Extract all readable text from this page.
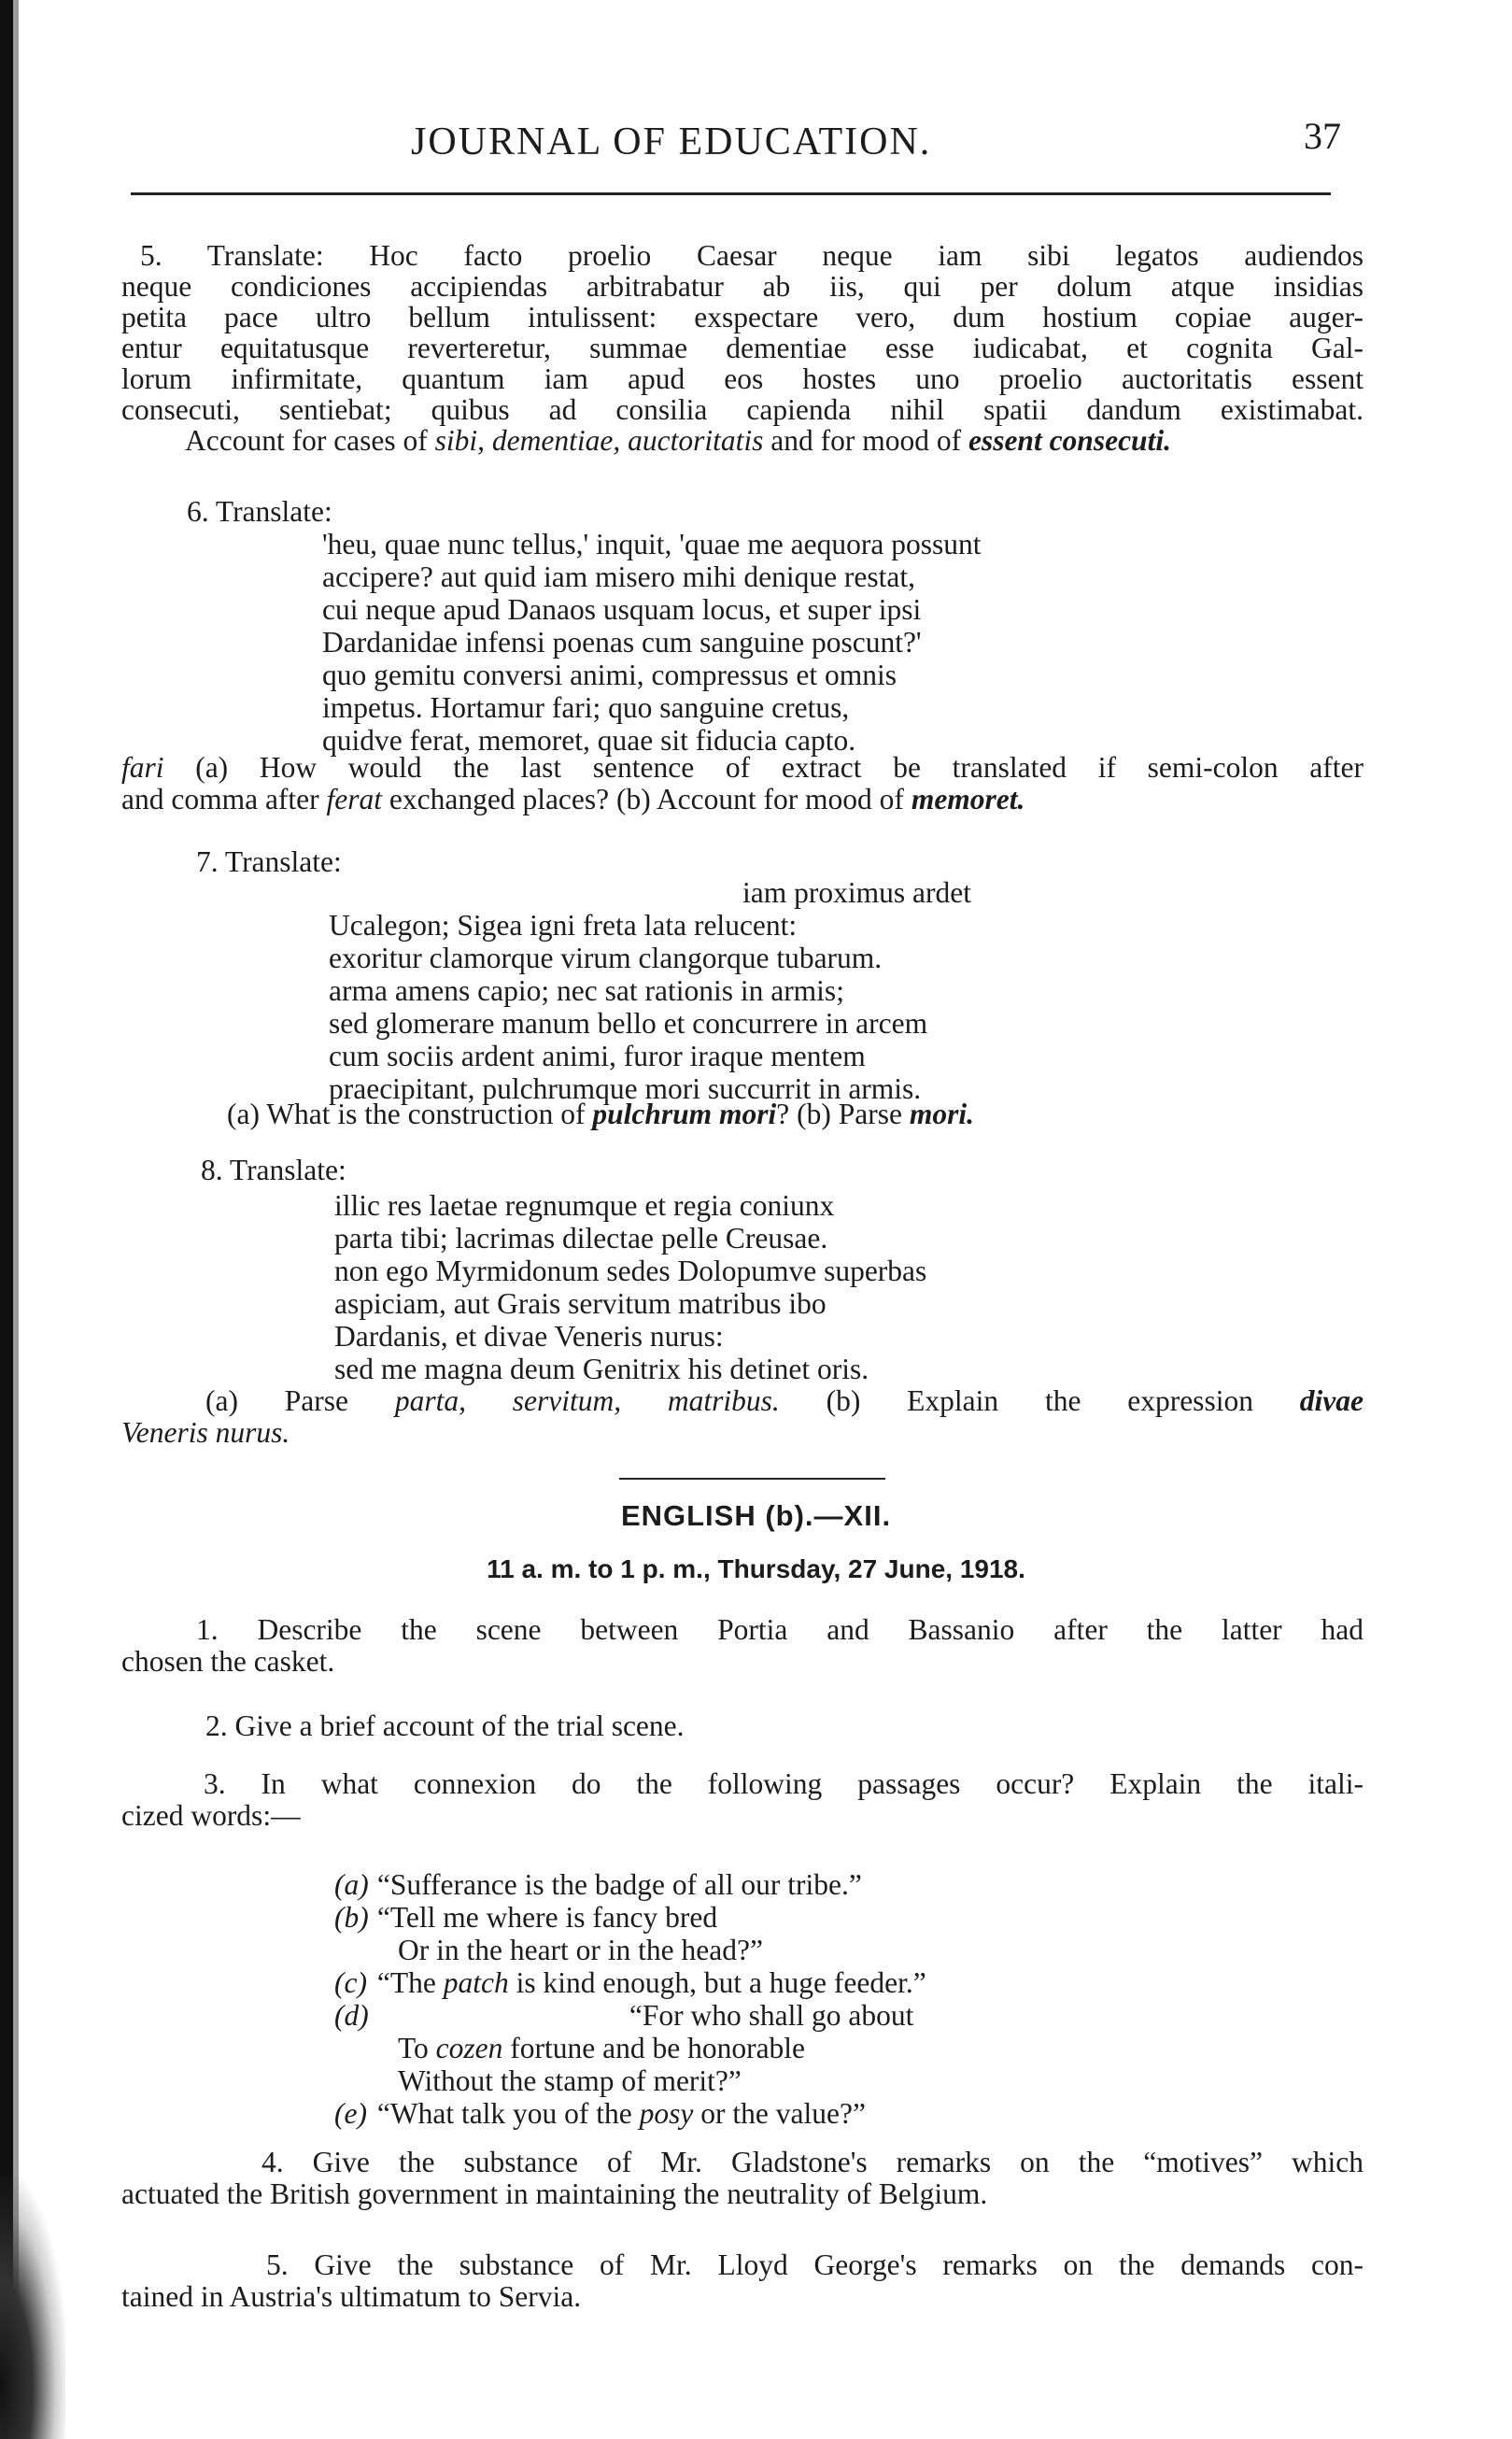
JOURNAL OF EDUCATION.	37

5. Translate: Hoc facto proelio Caesar neque iam sibi legatos audiendos

neque condiciones accipiendas arbitrabatur ab iis, qui per dolum atque insidias

petita pace ultro bellum intulissent: exspectare vero, dum hostium copiae auger-

entur equitatusque reverteretur, summae dementiae esse iudicabat, et cognita Gal-

lorum infirmitate, quantum iam apud eos hostes uno proelio auctoritatis essent

consecuti, sentiebat; quibus ad consilia capienda nihil spatii dandum existimabat.

Account for cases of sibi, dementiae, auctoritatis and for mood of essent consecuti.

6. Translate:
'heu, quae nunc tellus,' inquit, 'quae me aequora possunt
accipere? aut quid iam misero mihi denique restat,
cui neque apud Danaos usquam locus, et super ipsi
Dardanidae infensi poenas cum sanguine poscunt?'
quo gemitu conversi animi, compressus et omnis
impetus. Hortamur fari; quo sanguine cretus,
quidve ferat, memoret, quae sit fiducia capto.

fari (a) How would the last sentence of extract be translated if semi-colon after

and comma after ferat exchanged places? (b) Account for mood of memoret.

7. Translate:
iam proximus ardet
Ucalegon; Sigea igni freta lata relucent:
exoritur clamorque virum clangorque tubarum.
arma amens capio; nec sat rationis in armis;
sed glomerare manum bello et concurrere in arcem
cum sociis ardent animi, furor iraque mentem
praecipitant, pulchrumque mori succurrit in armis.
(a) What is the construction of pulchrum mori? (b) Parse mori.
8. Translate:
illic res laetae regnumque et regia coniunx
parta tibi; lacrimas dilectae pelle Creusae.
non ego Myrmidonum sedes Dolopumve superbas
aspiciam, aut Grais servitum matribus ibo
Dardanis, et divae Veneris nurus:
sed me magna deum Genitrix his detinet oris.

(a) Parse parta, servitum, matribus. (b) Explain the expression divae

Veneris nurus.

ENGLISH (b).—XII.
11 a. m. to 1 p. m., Thursday, 27 June, 1918.

1. Describe the scene between Portia and Bassanio after the latter had

chosen the casket.

2. Give a brief account of the trial scene.

3. In what connexion do the following passages occur? Explain the itali-

cized words:—

(a) “Sufferance is the badge of all our tribe.”
(b) “Tell me where is fancy bred
Or in the heart or in the head?”
(c) “The patch is kind enough, but a huge feeder.”
(d)	“For who shall go about
To cozen fortune and be honorable
Without the stamp of merit?”
(e) “What talk you of the posy or the value?”

4. Give the substance of Mr. Gladstone's remarks on the “motives” which

actuated the British government in maintaining the neutrality of Belgium.

5. Give the substance of Mr. Lloyd George's remarks on the demands con-

tained in Austria's ultimatum to Servia.
